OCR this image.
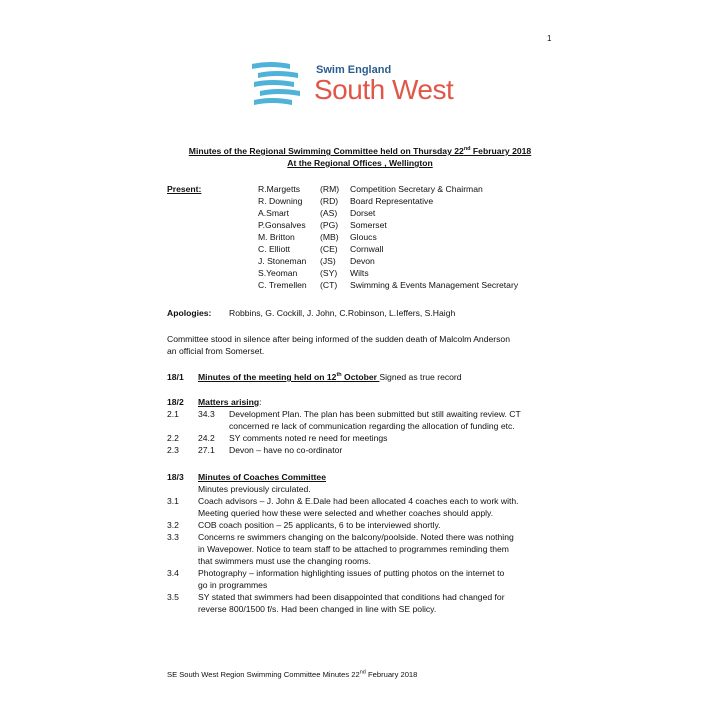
1
Swim England
South West
Minutes of the Regional Swimming Committee held on Thursday 22nd February 2018
At the Regional Offices , Wellington
Present:	R.Margetts (RM) Competition Secretary & Chairman
R. Downing (RD) Board Representative
A.Smart	(AS) Dorset
P.Gonsalves (PG) Somerset
M. Britton	(MB) Gloucs
C. Elliott	(CE) Cornwall
J. Stoneman (JS) Devon
S.Yeoman	(SY) Wilts
C. Tremellen (CT) Swimming & Events Management Secretary
Apologies: Robbins, G. Cockill, J. John, C.Robinson, L.Ieffers, S.Haigh
Committee stood in silence after being informed of the sudden death of Malcolm Anderson
an official from Somerset.
18/1 Minutes of the meeting held on 12th October Signed as true record
18/2 Matters arising:
2.1 34.3 Development Plan. The plan has been submitted but still awaiting review. CT
concerned re lack of communication regarding the allocation of funding etc.
2.2 24.2 SY comments noted re need for meetings
2.3 27.1 Devon – have no co-ordinator
18/3 Minutes of Coaches Committee
Minutes previously circulated.
3.1 Coach advisors – J. John & E.Dale had been allocated 4 coaches each to work with.
Meeting queried how these were selected and whether coaches should apply.
3.2 COB coach position – 25 applicants, 6 to be interviewed shortly.
3.3 Concerns re swimmers changing on the balcony/poolside. Noted there was nothing
in Wavepower. Notice to team staff to be attached to programmes reminding them
that swimmers must use the changing rooms.
3.4 Photography – information highlighting issues of putting photos on the internet to
go in programmes
3.5 SY stated that swimmers had been disappointed that conditions had changed for
reverse 800/1500 f/s. Had been changed in line with SE policy.
SE South West Region Swimming Committee Minutes 22nd February 2018
